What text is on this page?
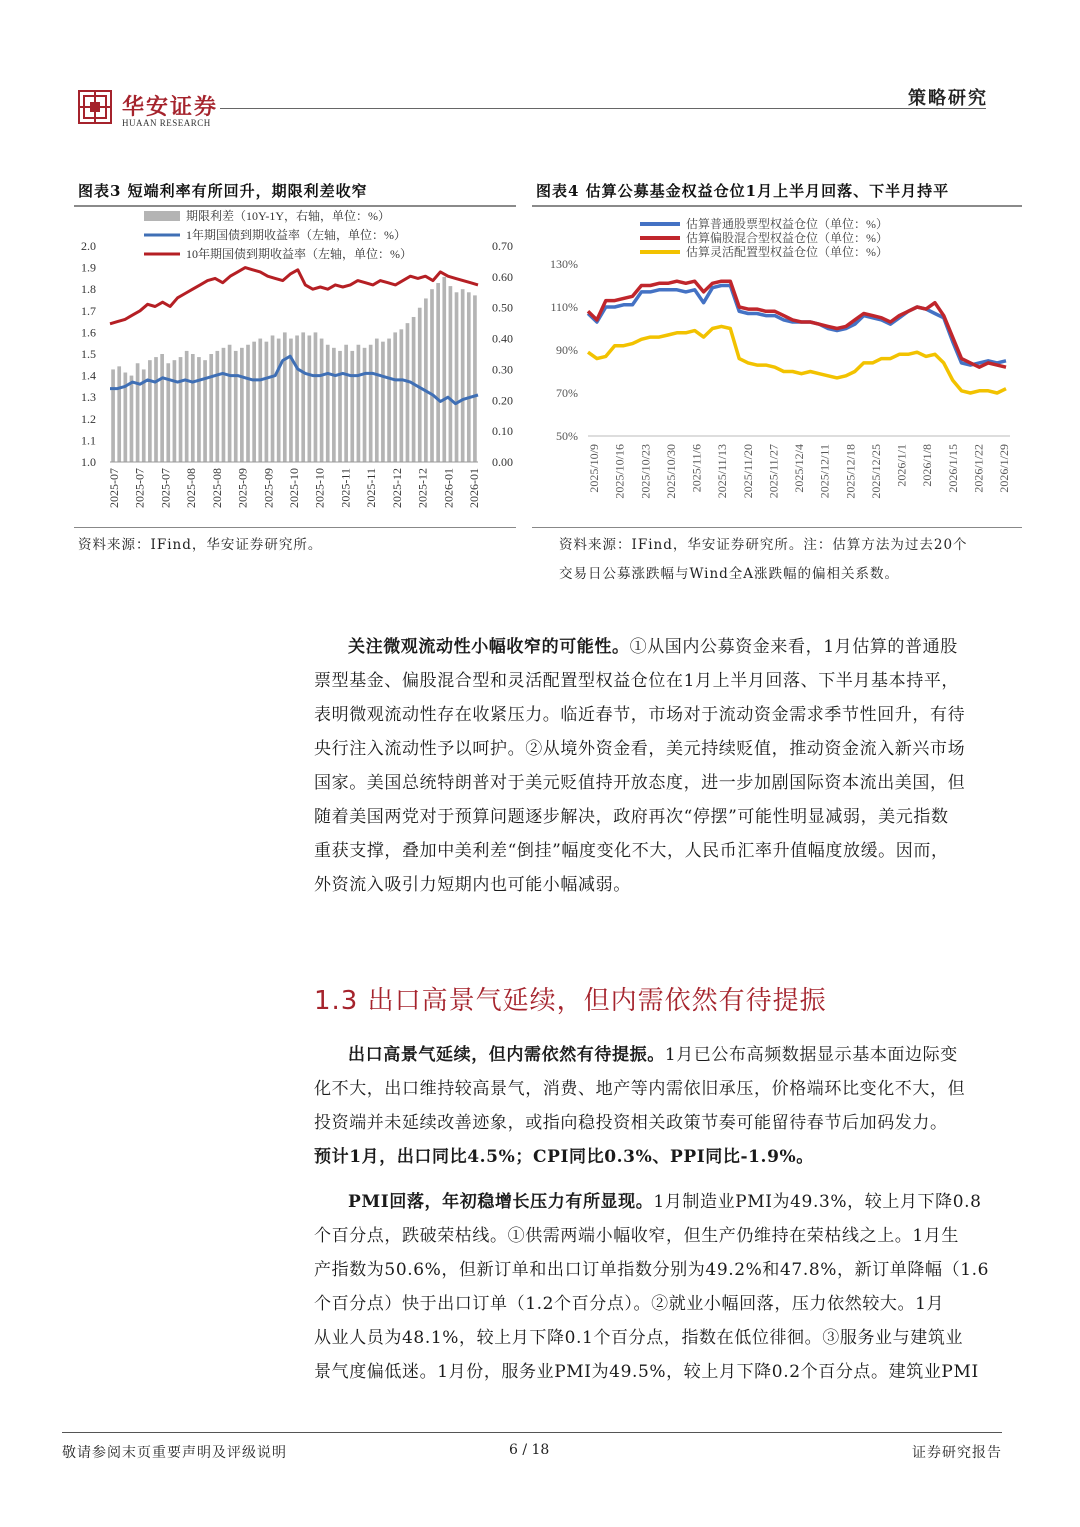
华安证券
HUAAN RESEARCH
策略研究
图表3 短端利率有所回升，期限利差收窄	图表4 估算公募基金权益仓位1月上半月回落、下半月持平
2.0
1.9
1.8
1.7
1.6
1.5
1.4
1.3
1.2
1.1
1.0
0.70
0.60
0.50
0.40
0.30
0.20
0.10
0.00
2025-07 2025-07 2025-07 2025-08 2025-08 2025-09 2025-09 2025-10 2025-10 2025-11 2025-11 2025-12 2025-12 2026-01 2026-01
期限利差（10Y-1Y，右轴，单位：%）
1年期国债到期收益率（左轴，单位：%）
10年期国债到期收益率（左轴，单位：%）
资料来源：IFind，华安证券研究所。
130%
110%
90%
70%
50%
2025/10/9 2025/10/16 2025/10/23 2025/10/30 2025/11/6 2025/11/13 2025/11/20 2025/11/27 2025/12/4 2025/12/11 2025/12/18 2025/12/25 2026/1/1 2026/1/8 2026/1/15 2026/1/22 2026/1/29
估算普通股票型权益仓位（单位：%）
估算偏股混合型权益仓位（单位：%）
估算灵活配置型权益仓位（单位：%）
资料来源：IFind，华安证券研究所。注：估算方法为过去20个
交易日公募涨跌幅与Wind全A涨跌幅的偏相关系数。
关注微观流动性小幅收窄的可能性。①从国内公募资金来看，1月估算的普通股
票型基金、偏股混合型和灵活配置型权益仓位在1月上半月回落、下半月基本持平，
表明微观流动性存在收紧压力。临近春节，市场对于流动资金需求季节性回升，有待
央行注入流动性予以呵护。②从境外资金看，美元持续贬值，推动资金流入新兴市场
国家。美国总统特朗普对于美元贬值持开放态度，进一步加剧国际资本流出美国，但
随着美国两党对于预算问题逐步解决，政府再次“停摆”可能性明显减弱，美元指数
重获支撑，叠加中美利差“倒挂”幅度变化不大，人民币汇率升值幅度放缓。因而，
外资流入吸引力短期内也可能小幅减弱。
1.3 出口高景气延续，但内需依然有待提振
出口高景气延续，但内需依然有待提振。1月已公布高频数据显示基本面边际变
化不大，出口维持较高景气，消费、地产等内需依旧承压，价格端环比变化不大，但
投资端并未延续改善迹象，或指向稳投资相关政策节奏可能留待春节后加码发力。
预计1月，出口同比4.5%；CPI同比0.3%、PPI同比-1.9%。
PMI回落，年初稳增长压力有所显现。1月制造业PMI为49.3%，较上月下降0.8
个百分点，跌破荣枯线。①供需两端小幅收窄，但生产仍维持在荣枯线之上。1月生
产指数为50.6%，但新订单和出口订单指数分别为49.2%和47.8%，新订单降幅（1.6
个百分点）快于出口订单（1.2个百分点）。②就业小幅回落，压力依然较大。1月
从业人员为48.1%，较上月下降0.1个百分点，指数在低位徘徊。③服务业与建筑业
景气度偏低迷。1月份，服务业PMI为49.5%，较上月下降0.2个百分点。建筑业PMI
敬请参阅末页重要声明及评级说明	6 / 18	证券研究报告
